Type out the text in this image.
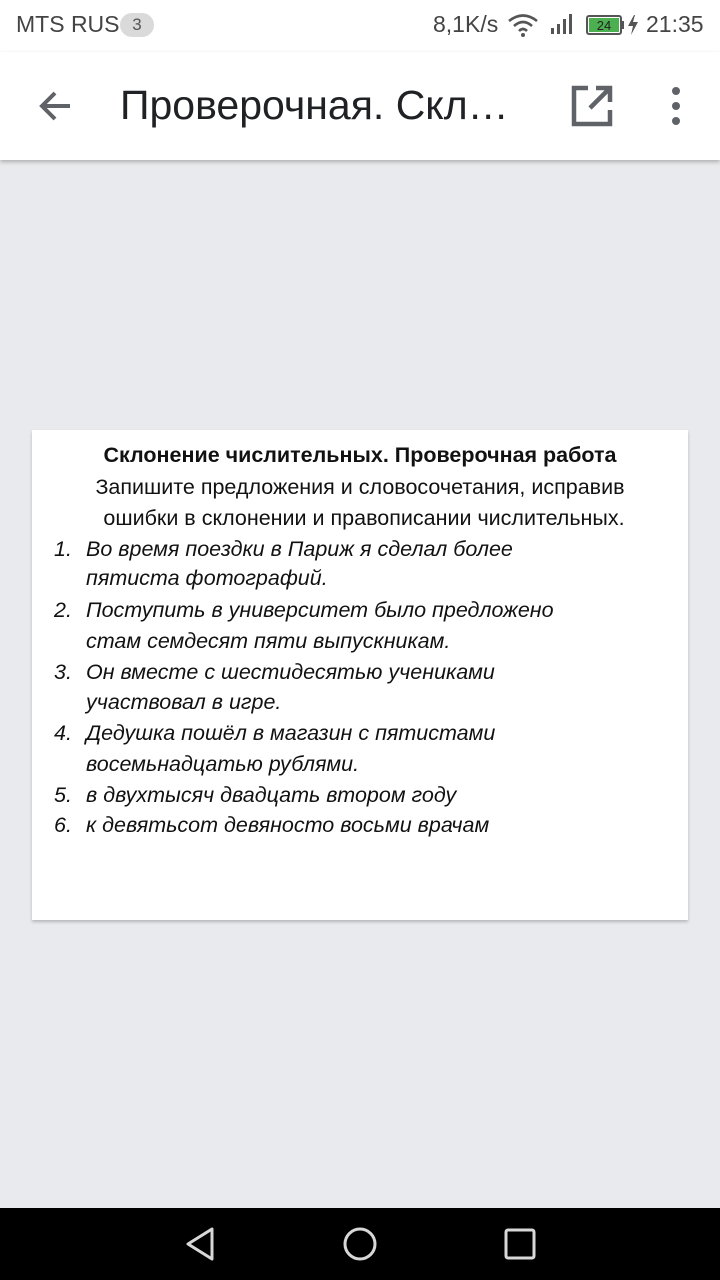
MTS RUS 3	8,1K/s	24 21:35
Проверочная. Скл…
Склонение числительных. Проверочная работа
Запишите предложения и словосочетания, исправив
ошибки в склонении и правописании числительных.
1. Во время поездки в Париж я сделал более
пятиста фотографий.
2. Поступить в университет было предложено
стам семдесят пяти выпускникам.
3. Он вместе с шестидесятью учениками
участвовал в игре.
4. Дедушка пошёл в магазин с пятистами
восемьнадцатью рублями.
5. в двухтысяч двадцать втором году
6. к девятьсот девяносто восьми врачам
